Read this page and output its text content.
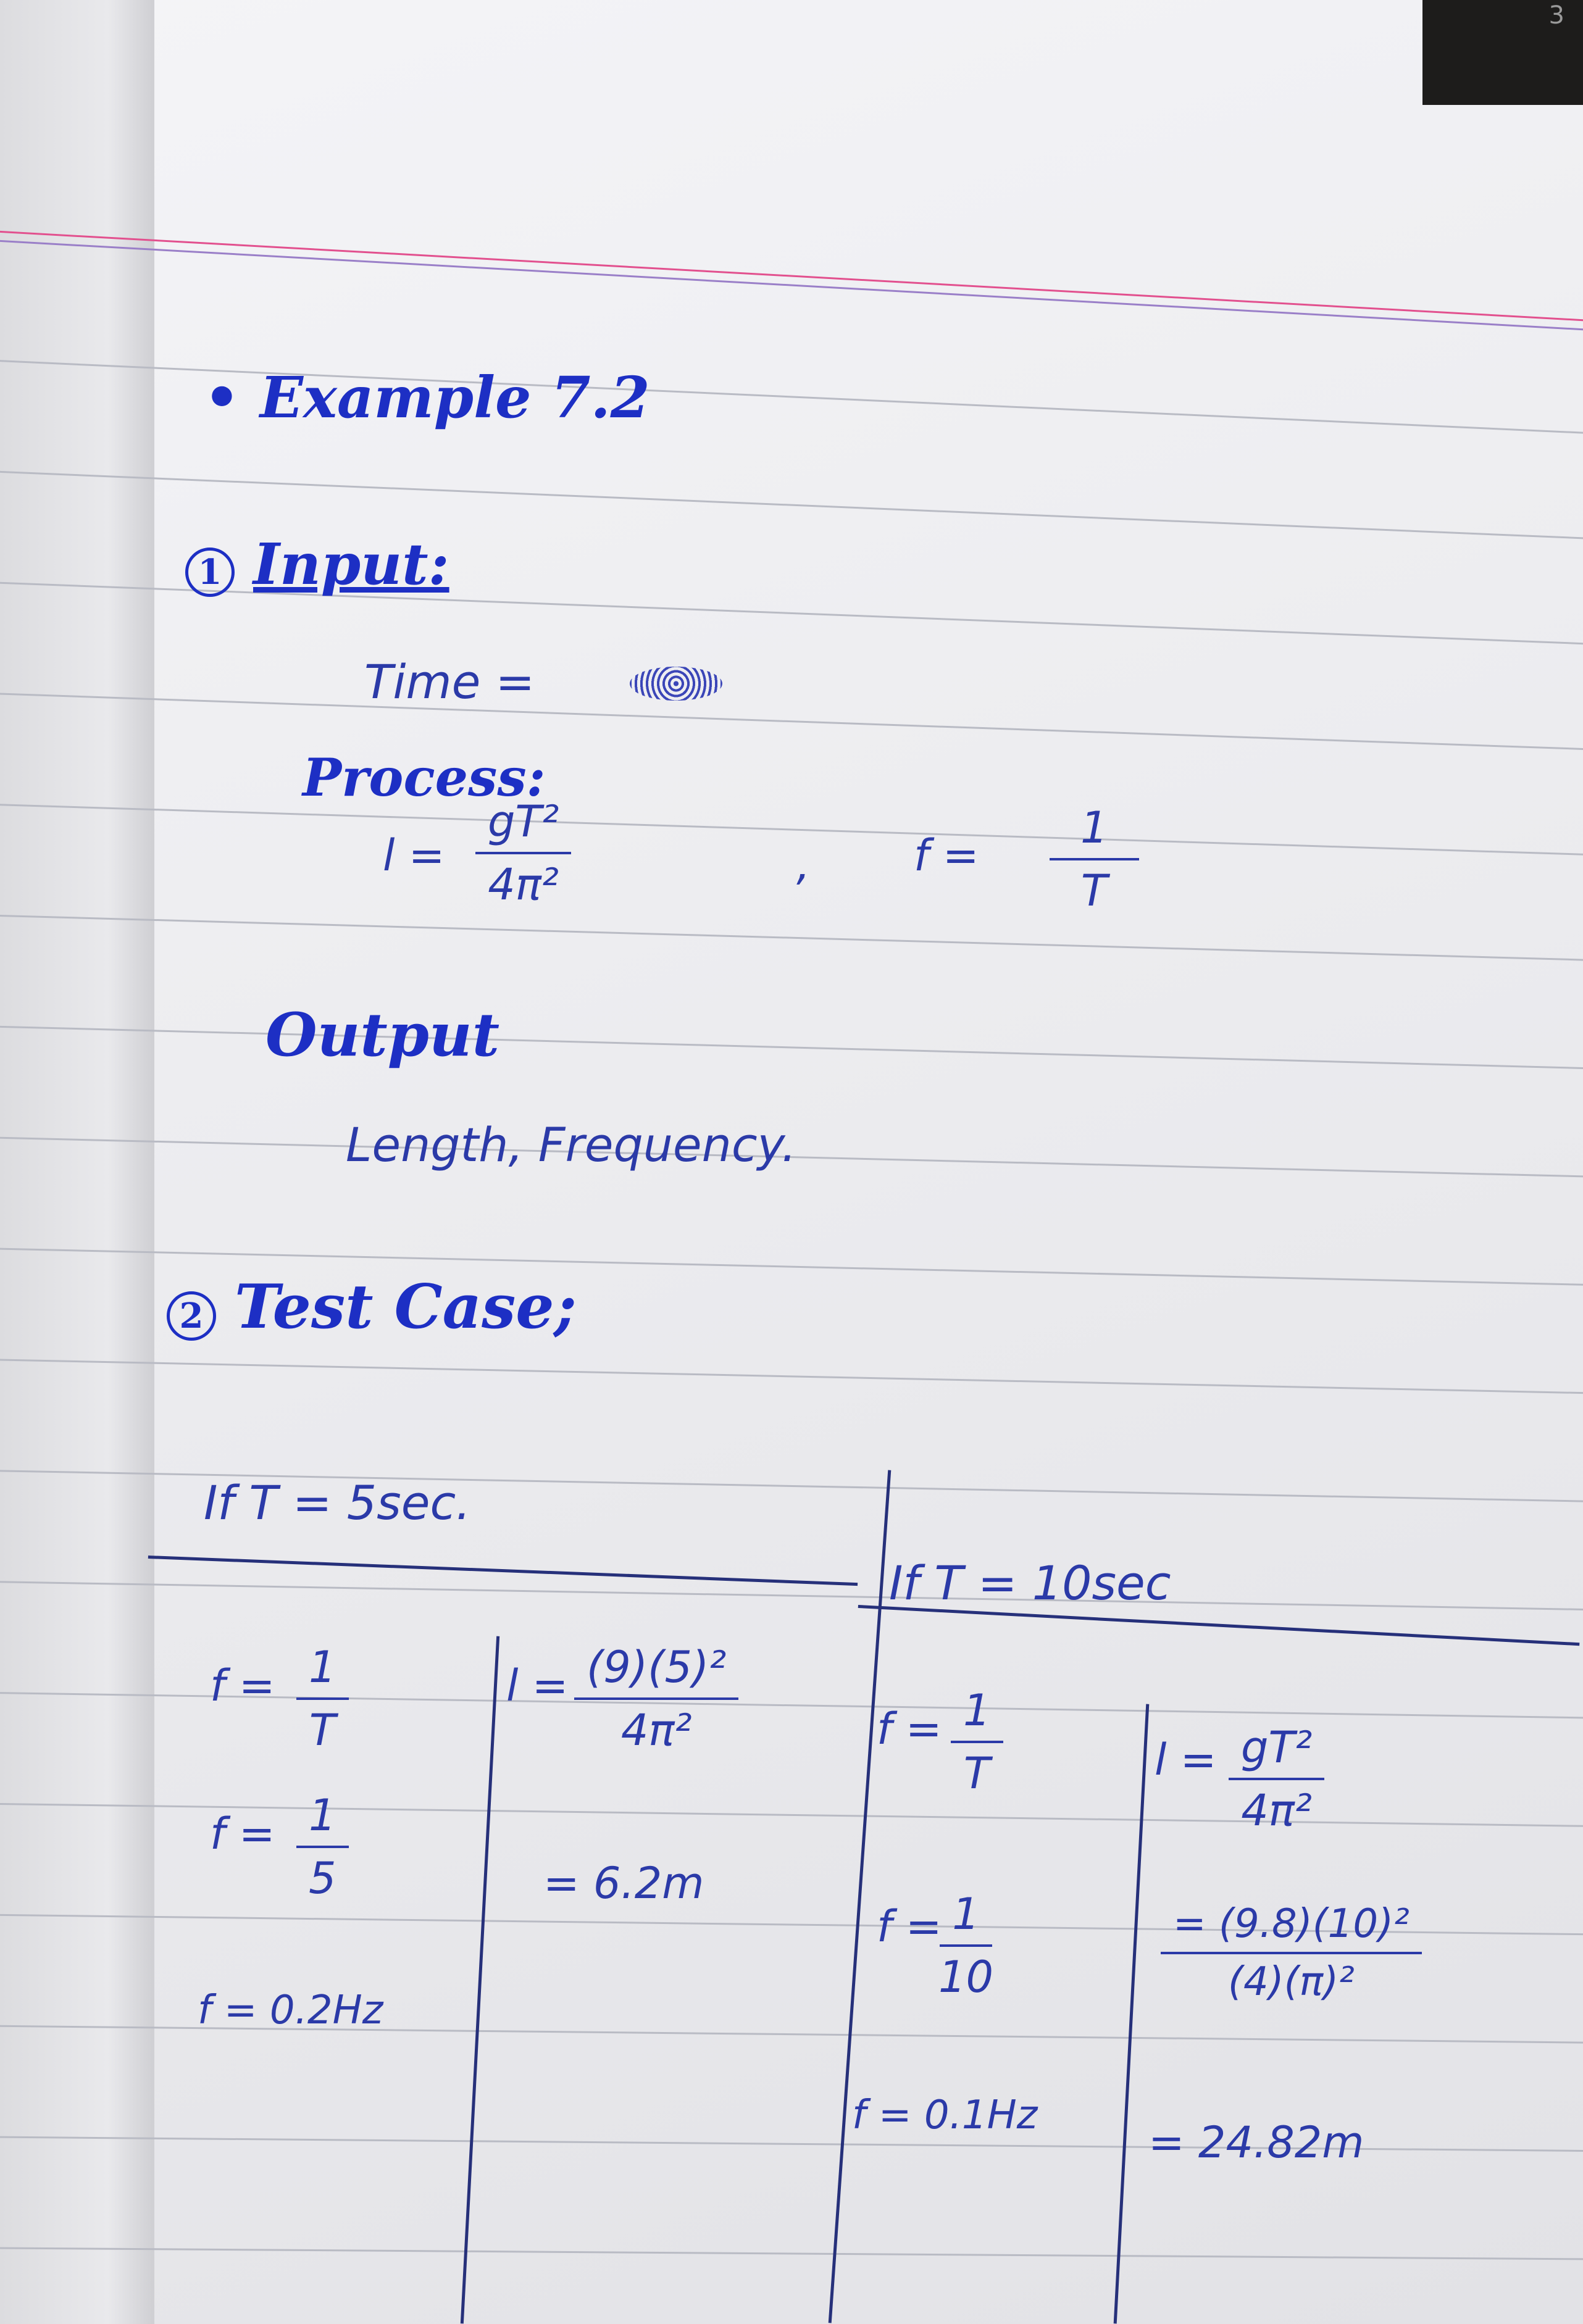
3
• Example 7.2
1 Input:
Time =
Process:
$l = \frac{\text{gT²}}{\text{4π²}}$	, $f = \frac{1}{T}$
Output
Length, Frequency.
2 Test Case;
If T = 5sec.
If T = 10sec
$f = \frac{1}{T}$
$f = \frac{1}{5}$
f = 0.2Hz
$l = \frac{\text{(9)(5)²}}{\text{4π²}}$
= 6.2m
$f = \frac{1}{T}$
f =
$\frac{1}{10}$
f = 0.1Hz
$l = \frac{\text{gT²}}{\text{4π²}}$
$\frac{\text{= (9.8)(10)²}}{\text{(4)(π)²}}$
= 24.82m
